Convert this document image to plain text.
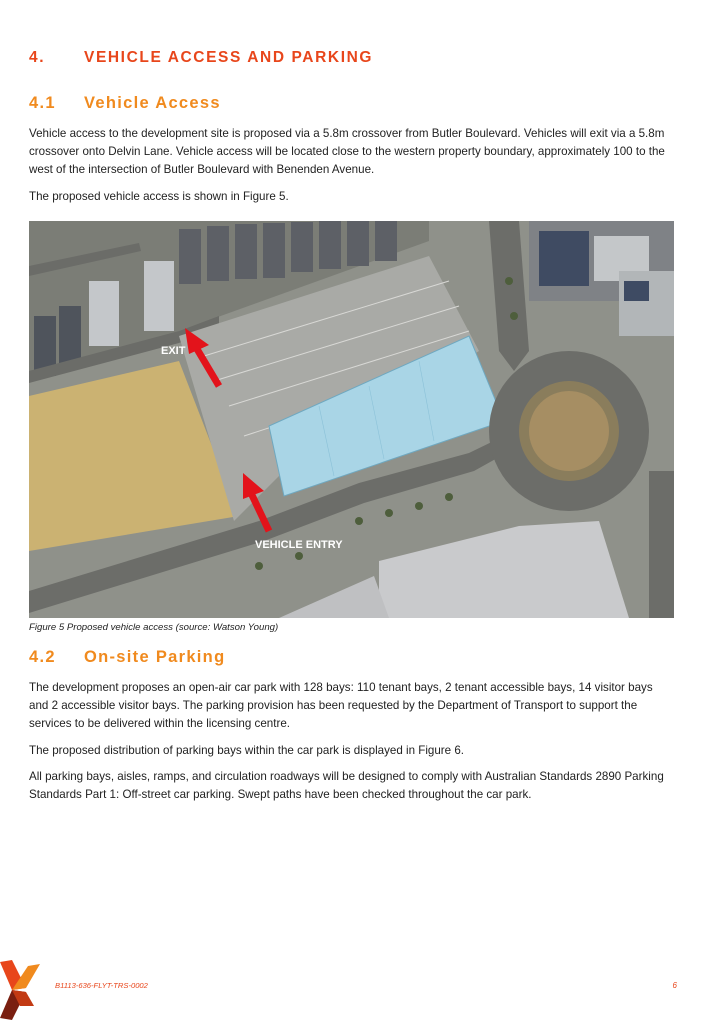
4.	VEHICLE ACCESS AND PARKING
4.1 Vehicle Access

Vehicle access to the development site is proposed via a 5.8m crossover from Butler Boulevard. Vehicles will exit via a 5.8m crossover onto Delvin Lane. Vehicle access will be located close to the western property boundary, approximately 100 to the west of the intersection of Butler Boulevard with Benenden Avenue.

The proposed vehicle access is shown in Figure 5.

EXIT
VEHICLE ENTRY
Figure 5 Proposed vehicle access (source: Watson Young)
4.2 On-site Parking

The development proposes an open-air car park with 128 bays: 110 tenant bays, 2 tenant accessible bays, 14 visitor bays and 2 accessible visitor bays. The parking provision has been requested by the Department of Transport to support the services to be delivered within the licensing centre.

The proposed distribution of parking bays within the car park is displayed in Figure 6.

All parking bays, aisles, ramps, and circulation roadways will be designed to comply with Australian Standards 2890 Parking Standards Part 1: Off-street car parking. Swept paths have been checked throughout the car park.

B1113-636-FLYT-TRS-0002	6
